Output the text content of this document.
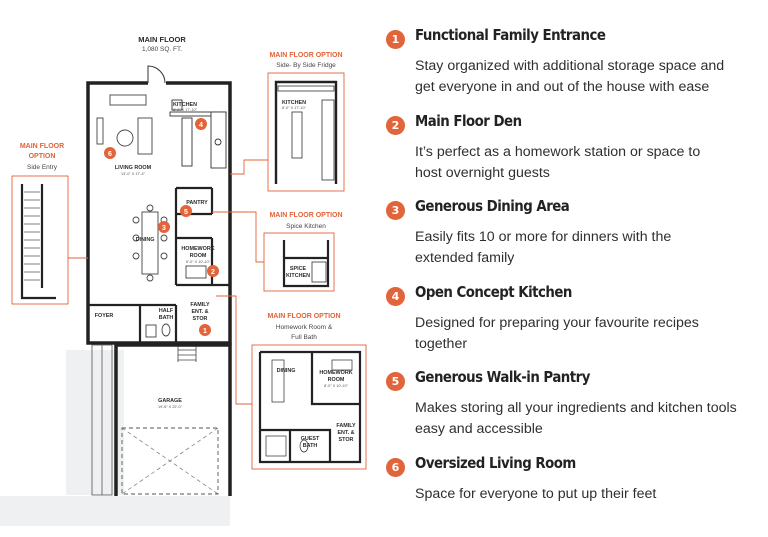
MAIN FLOOR
1,080 SQ. FT.
KITCHEN
LIVING ROOM
PANTRY
DINING
HOMEWORK
ROOM
FOYER
HALF
BATH
FAMILY
ENT. &
STOR
GARAGE
8'-0" X 17'-10"
13'-0" X 17'-4"
8'-0" X 10'-10"
19'-6" X 22'-0"
MAIN FLOOR OPTION
Side- By Side Fridge
KITCHEN
8'-0" X 17'-10"
MAIN FLOOR
OPTION
Side Entry
MAIN FLOOR OPTION
Spice Kitchen
SPICE
KITCHEN
MAIN FLOOR OPTION
Homework Room &
Full Bath
DINING	HOMEWORK
ROOM
8'-0" X 10'-10"
GUEST
BATH
FAMILY
ENT. &
STOR
1
2
3
4
5
6
1	Functional Family Entrance
Stay organized with additional storage space and
get everyone in and out of the house with ease
2	Main Floor Den
It’s perfect as a homework station or space to
host overnight guests
3	Generous Dining Area
Easily fits 10 or more for dinners with the
extended family
4	Open Concept Kitchen
Designed for preparing your favourite recipes
together
5	Generous Walk-in Pantry
Makes storing all your ingredients and kitchen tools
easy and accessible
6	Oversized Living Room
Space for everyone to put up their feet
